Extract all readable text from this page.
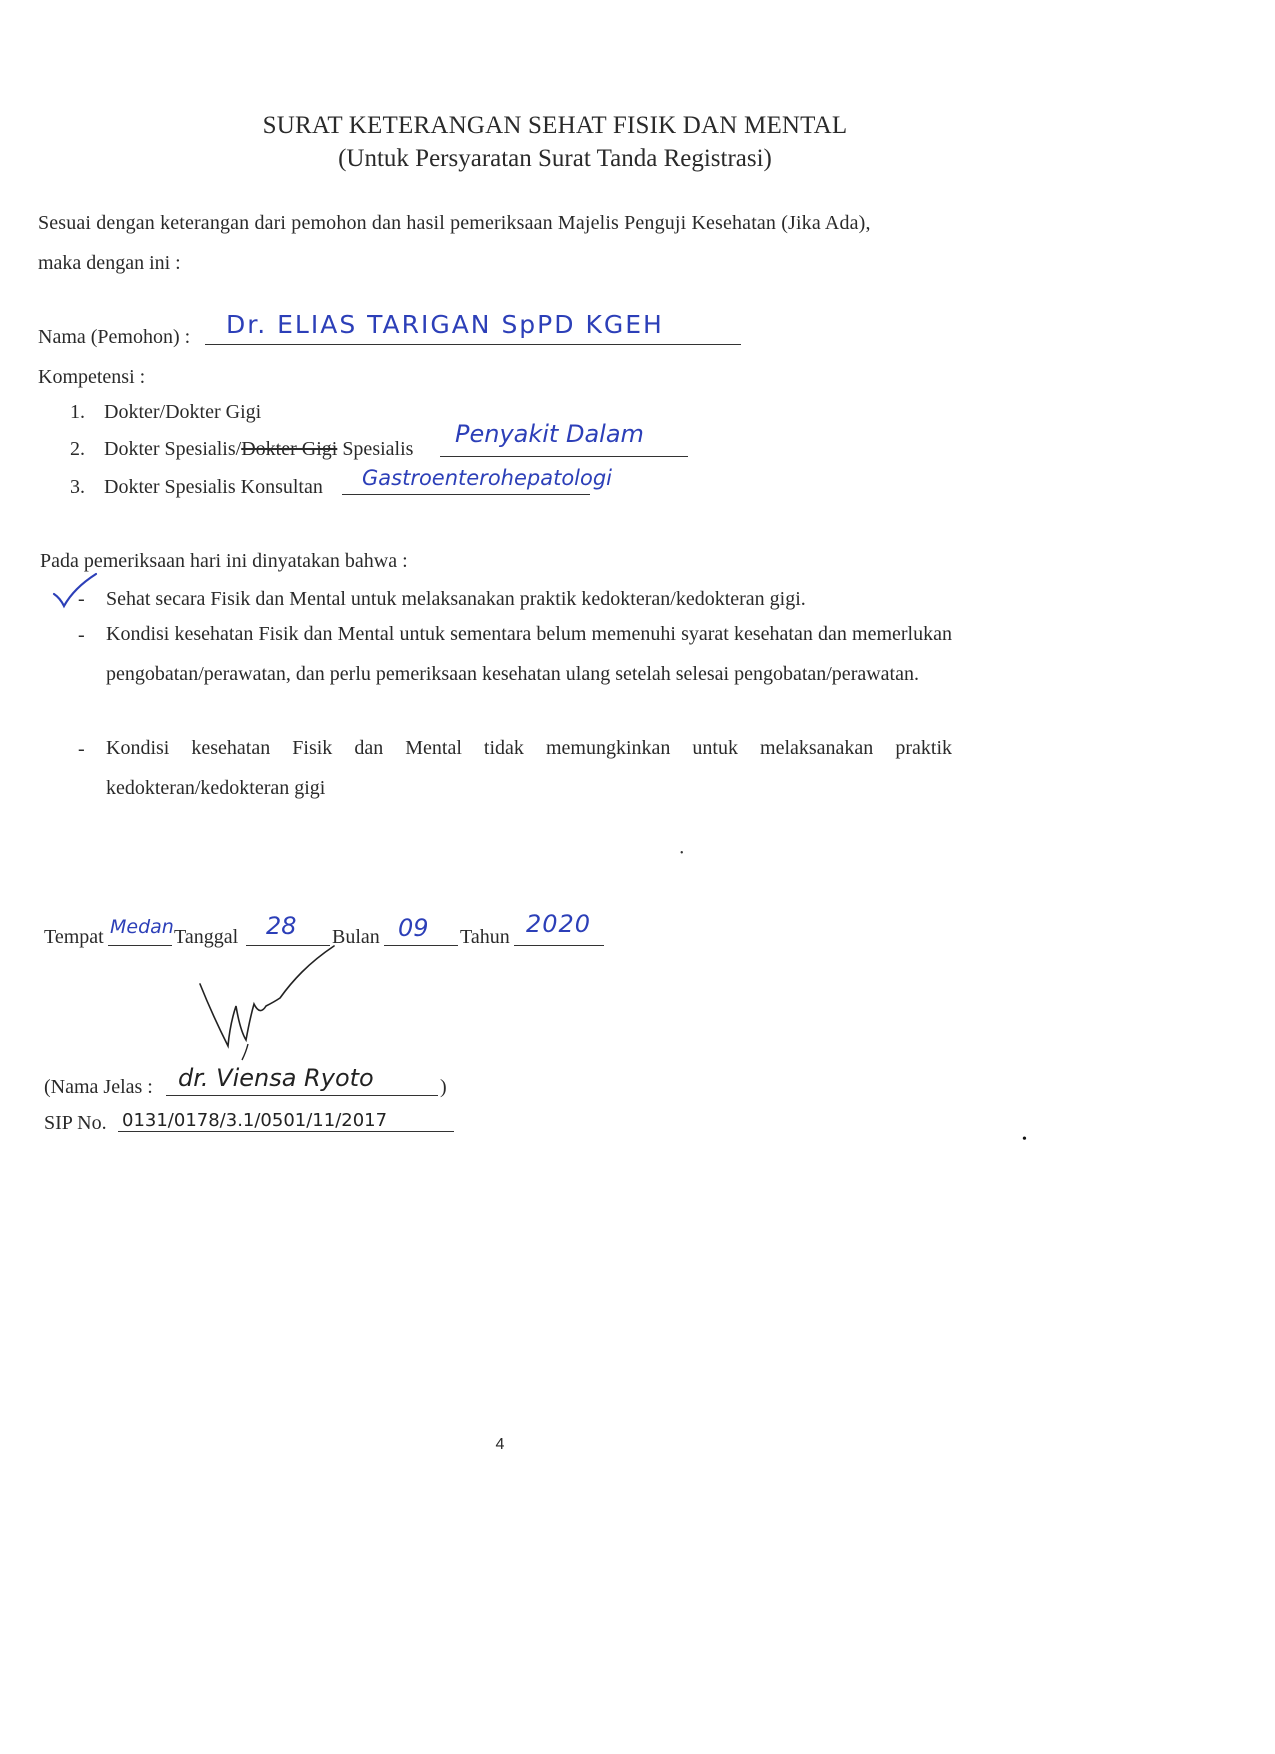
SURAT KETERANGAN SEHAT FISIK DAN MENTAL
(Untuk Persyaratan Surat Tanda Registrasi)
Sesuai dengan keterangan dari pemohon dan hasil pemeriksaan Majelis Penguji Kesehatan (Jika Ada),
maka dengan ini :
Nama (Pemohon) : Dr. ELIAS TARIGAN SpPD KGEH
Kompetensi :
1. Dokter/Dokter Gigi
2. Dokter Spesialis/Dokter Gigi Spesialis
Penyakit Dalam
3. Dokter Spesialis Konsultan Gastroenterohepatologi
Pada pemeriksaan hari ini dinyatakan bahwa :
- Sehat secara Fisik dan Mental untuk melaksanakan praktik kedokteran/kedokteran gigi.
- Kondisi kesehatan Fisik dan Mental untuk sementara belum memenuhi syarat kesehatan dan memerlukan pengobatan/perawatan, dan perlu pemeriksaan kesehatan ulang setelah selesai pengobatan/perawatan.
- Kondisi kesehatan Fisik dan Mental tidak memungkinkan untuk melaksanakan praktik kedokteran/kedokteran gigi
Tempat Medan Tanggal 28 Bulan 09 Tahun 2020
(Nama Jelas : dr. Viensa Ryoto	)
SIP No. 0131/0178/3.1/0501/11/2017
•
•
4
